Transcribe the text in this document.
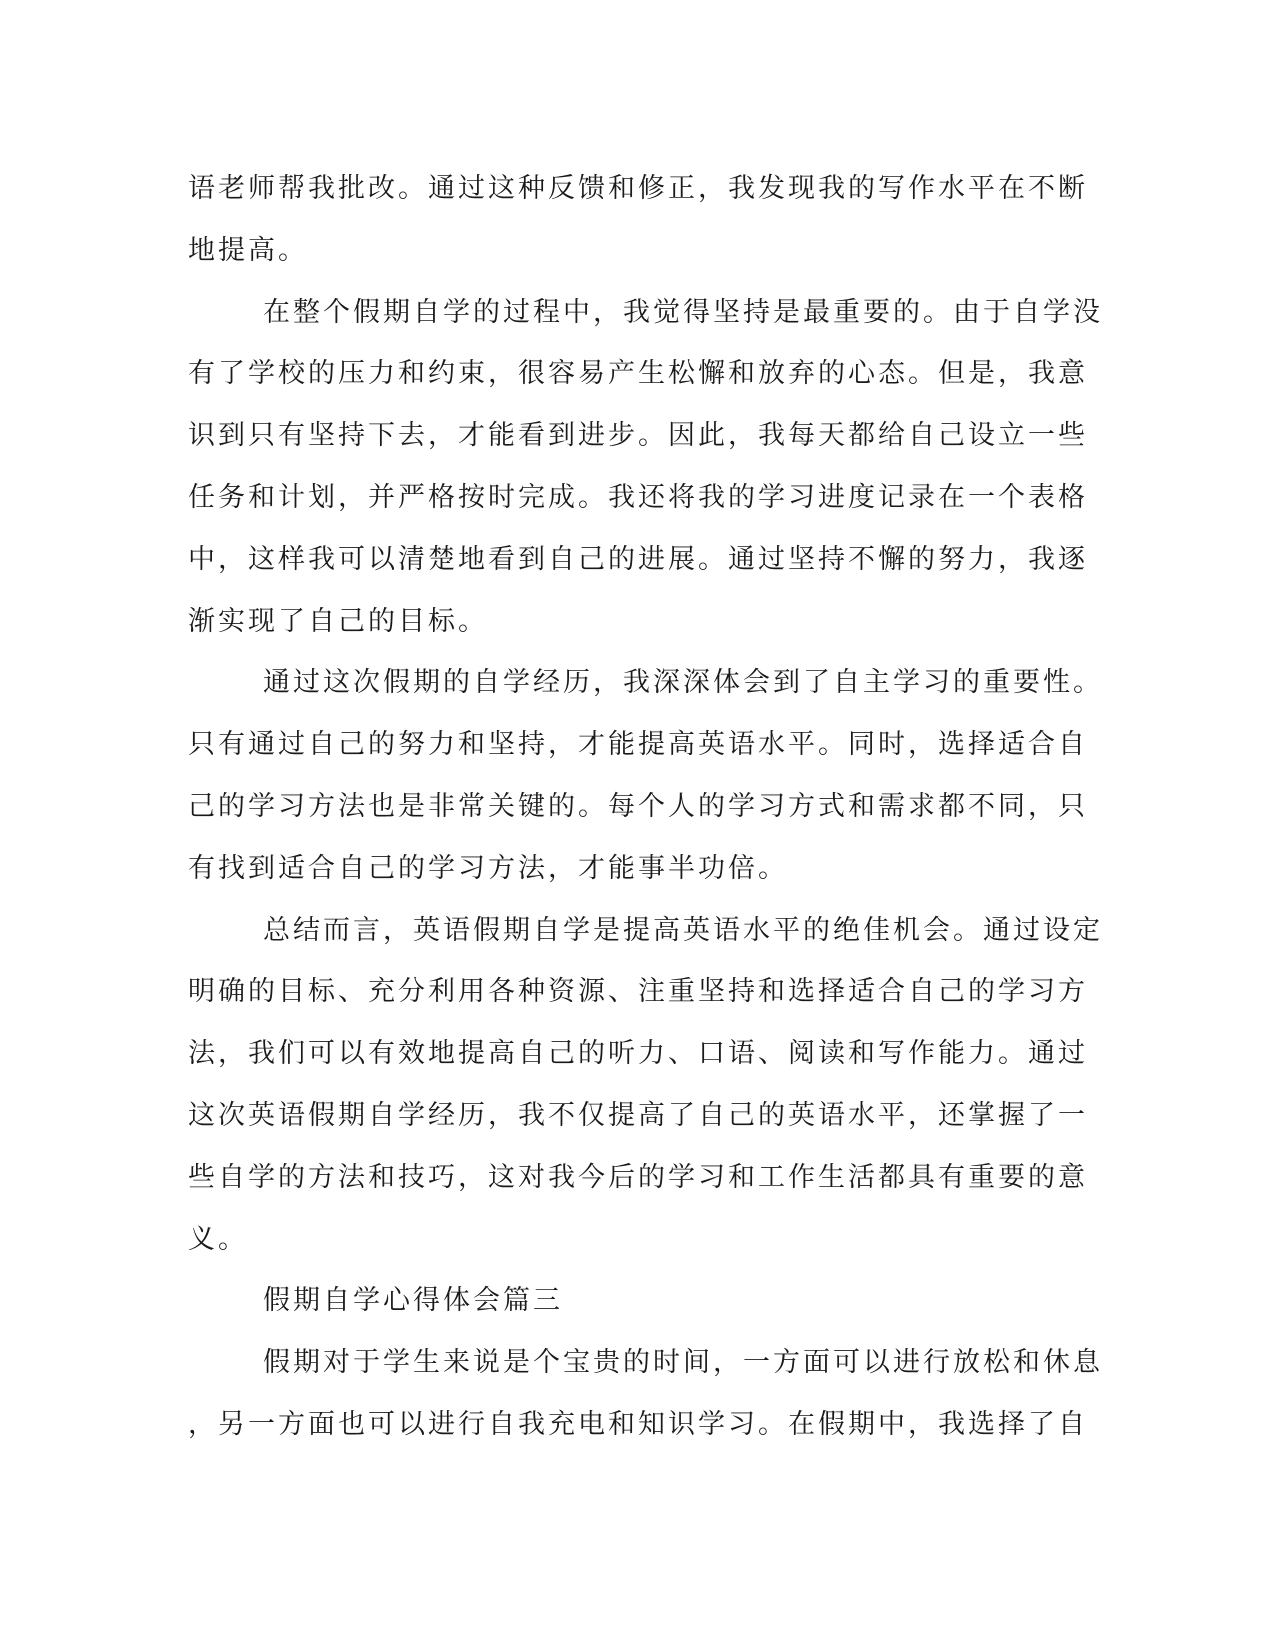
语老师帮我批改。通过这种反馈和修正，我发现我的写作水平在不断
地提高。
在整个假期自学的过程中，我觉得坚持是最重要的。由于自学没
有了学校的压力和约束，很容易产生松懈和放弃的心态。但是，我意
识到只有坚持下去，才能看到进步。因此，我每天都给自己设立一些
任务和计划，并严格按时完成。我还将我的学习进度记录在一个表格
中，这样我可以清楚地看到自己的进展。通过坚持不懈的努力，我逐
渐实现了自己的目标。
通过这次假期的自学经历，我深深体会到了自主学习的重要性。
只有通过自己的努力和坚持，才能提高英语水平。同时，选择适合自
己的学习方法也是非常关键的。每个人的学习方式和需求都不同，只
有找到适合自己的学习方法，才能事半功倍。
总结而言，英语假期自学是提高英语水平的绝佳机会。通过设定
明确的目标、充分利用各种资源、注重坚持和选择适合自己的学习方
法，我们可以有效地提高自己的听力、口语、阅读和写作能力。通过
这次英语假期自学经历，我不仅提高了自己的英语水平，还掌握了一
些自学的方法和技巧，这对我今后的学习和工作生活都具有重要的意
义。
假期自学心得体会篇三
假期对于学生来说是个宝贵的时间，一方面可以进行放松和休息
，另一方面也可以进行自我充电和知识学习。在假期中，我选择了自
